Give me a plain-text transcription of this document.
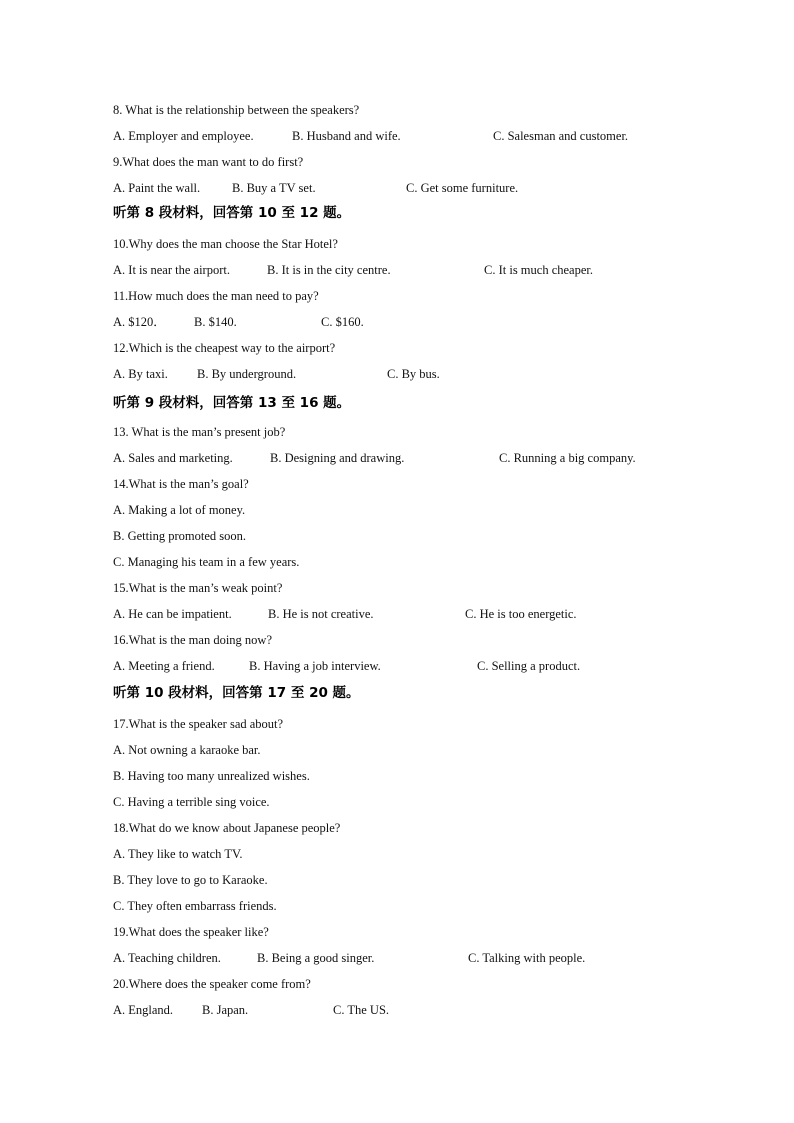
8. What is the relationship between the speakers?
A. Employer and employee.	B. Husband and wife.	C. Salesman and customer.
9.What does the man want to do first?
A. Paint the wall.	B. Buy a TV set.	C. Get some furniture.
听第 8 段材料，回答第 10 至 12 题。
10.Why does the man choose the Star Hotel?
A. It is near the airport.	B. It is in the city centre.	C. It is much cheaper.
11.How much does the man need to pay?
A. $120． B. $140.	C. $160.
12.Which is the cheapest way to the airport?
A. By taxi. B. By underground.	C. By bus.
听第 9 段材料，回答第 13 至 16 题。
13. What is the man’s present job?
A. Sales and marketing.	B. Designing and drawing.	C. Running a big company.
14.What is the man’s goal?
A. Making a lot of money.
B. Getting promoted soon.
C. Managing his team in a few years.
15.What is the man’s weak point?
A. He can be impatient.	B. He is not creative.	C. He is too energetic.
16.What is the man doing now?
A. Meeting a friend.	B. Having a job interview.	C. Selling a product.
听第 10 段材料，回答第 17 至 20 题。
17.What is the speaker sad about?
A. Not owning a karaoke bar.
B. Having too many unrealized wishes.
C. Having a terrible sing voice.
18.What do we know about Japanese people?
A. They like to watch TV.
B. They love to go to Karaoke.
C. They often embarrass friends.
19.What does the speaker like?
A. Teaching children.	B. Being a good singer.	C. Talking with people.
20.Where does the speaker come from?
A. England. B. Japan.	C. The US.
